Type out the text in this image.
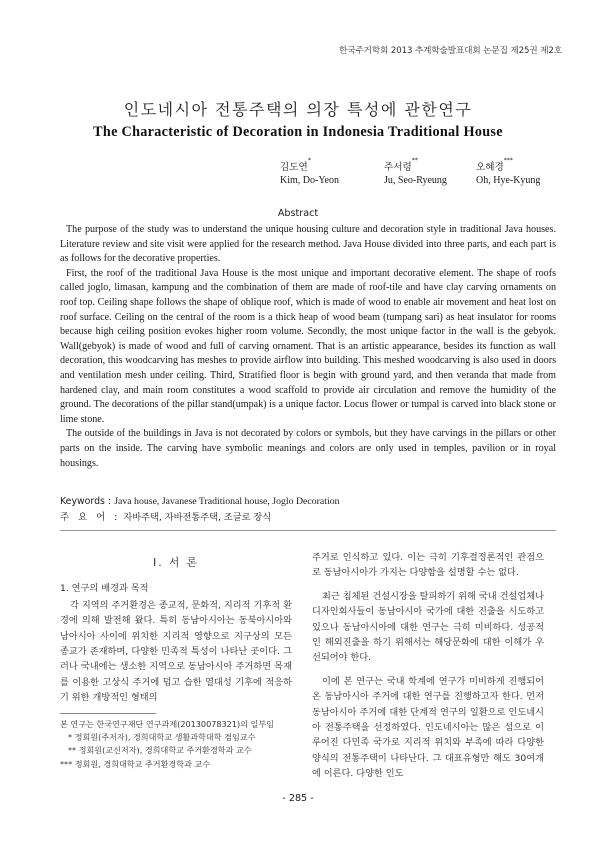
한국주거학회 2013 추계학술발표대회 논문집 제25권 제2호
인도네시아 전통주택의 의장 특성에 관한연구
The Characteristic of Decoration in Indonesia Traditional House
김도연*
Kim, Do-Yeon
주서령**
Ju, Seo-Ryeung
오혜경***
Oh, Hye-Kyung
Abstract

The purpose of the study was to understand the unique housing culture and decoration style in traditional Java houses. Literature review and site visit were applied for the research method. Java House divided into three parts, and each part is as follows for the decorative properties.

First, the roof of the traditional Java House is the most unique and important decorative element. The shape of roofs called joglo, limasan, kampung and the combination of them are made of roof-tile and have clay carving ornaments on roof top. Ceiling shape follows the shape of oblique roof, which is made of wood to enable air movement and heat lost on roof surface. Ceiling on the central of the room is a thick heap of wood beam (tumpang sari) as heat insulator for rooms because high ceiling position evokes higher room volume. Secondly, the most unique factor in the wall is the gebyok. Wall(gebyok) is made of wood and full of carving ornament. That is an artistic appearance, besides its function as wall decoration, this woodcarving has meshes to provide airflow into building. This meshed woodcarving is also used in doors and ventilation mesh under ceiling. Third, Stratified floor is begin with ground yard, and then veranda that made from hardened clay, and main room constitutes a wood scaffold to provide air circulation and remove the humidity of the ground. The decorations of the pillar stand(umpak) is a unique factor. Locus flower or tumpal is carved into black stone or lime stone.

The outside of the buildings in Java is not decorated by colors or symbols, but they have carvings in the pillars or other parts on the inside. The carving have symbolic meanings and colors are only used in temples, pavilion or in royal housings.

Keywords : Java house, Javanese Traditional house, Joglo Decoration
주 요 어 : 자바주택, 자바전통주택, 조글로 장식
I. 서 론
1. 연구의 배경과 목적

각 지역의 주거환경은 종교적, 문화적, 지리적 기후적 환경에 의해 발전해 왔다. 특히 동남아시아는 동북아시아와 남아시아 사이에 위치한 지리적 영향으로 지구상의 모든 종교가 존재하며, 다양한 민족적 특성이 나타난 곳이다. 그러나 국내에는 생소한 지역으로 동남아시아 주거하면 목재를 이용한 고상식 주거에 덥고 습한 열대성 기후에 적응하기 위한 개방적인 형태의

주거로 인식하고 있다. 이는 극히 기후결정론적인 관점으로 동남아시아가 가지는 다양함을 설명할 수는 없다.

최근 침체된 건설시장을 탈피하기 위해 국내 건설업체나 디자인회사들이 동남아시아 국가에 대한 진출을 시도하고 있으나 동남아시아에 대한 연구는 극히 미비하다. 성공적인 해외진출을 하기 위해서는 해당문화에 대한 이해가 우선되어야 한다.

이에 본 연구는 국내 학계에 연구가 미비하게 진행되어 온 동남아시아 주거에 대한 연구를 진행하고자 한다. 먼저 동남아시아 주거에 대한 단계적 연구의 일환으로 인도네시아 전통주택을 선정하였다. 인도네시아는 많은 섬으로 이루어진 다민족 국가로 지리적 위치와 부족에 따라 다양한 양식의 전통주택이 나타난다. 그 대표유형만 해도 30여개에 이른다. 다양한 인도

본 연구는 한국연구재단 연구과제(20130078321)의 일부임
* 정회원(주저자), 경희대학교 생활과학대학 겸임교수
** 정회원(교신저자), 경희대학교 주거환경학과 교수
*** 정회원, 경희대학교 주거환경학과 교수
- 285 -
